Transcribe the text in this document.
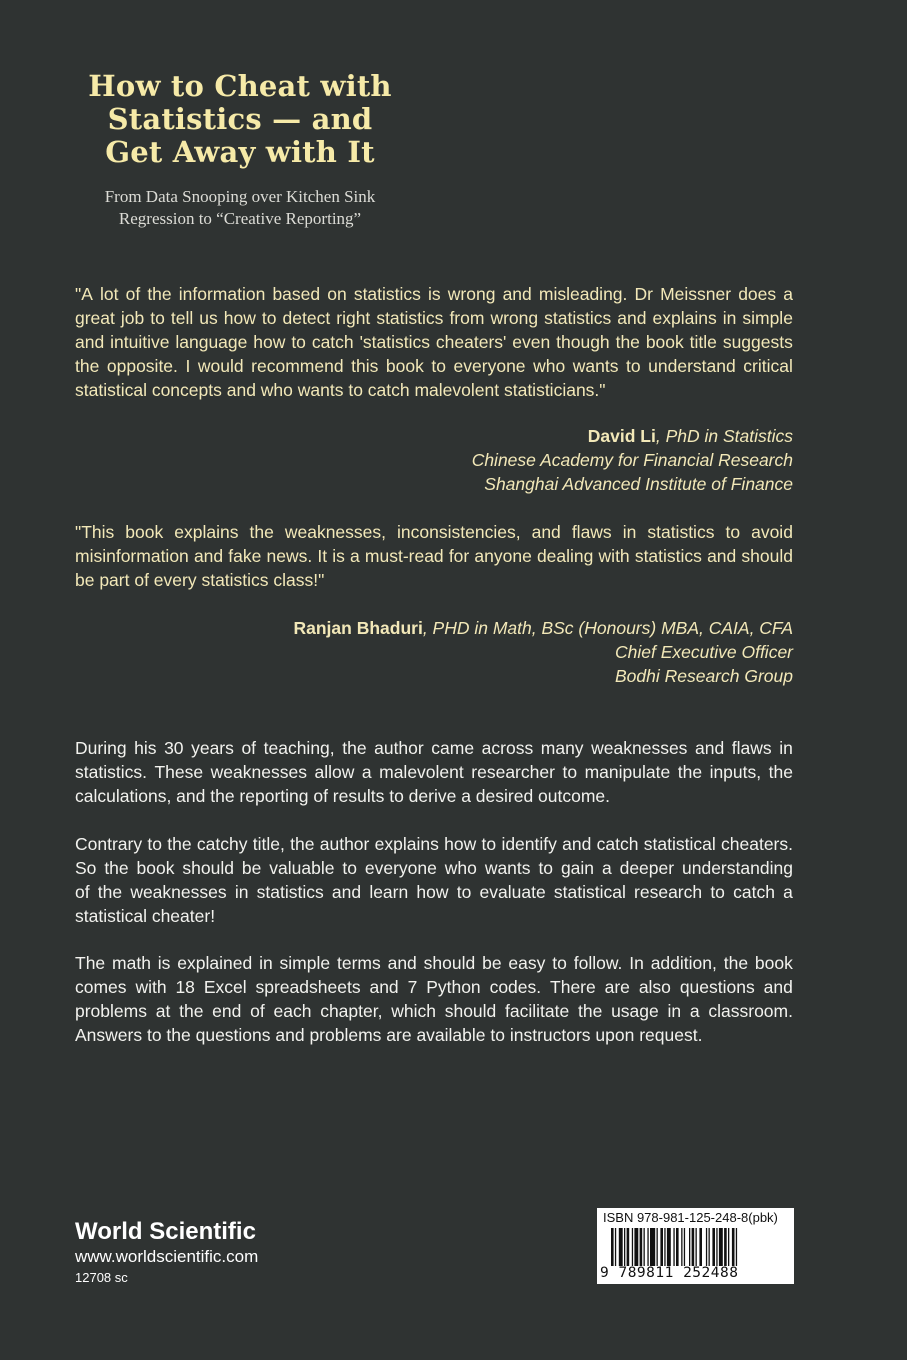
How to Cheat with
Statistics — and
Get Away with It
From Data Snooping over Kitchen Sink
Regression to “Creative Reporting”
"A lot of the information based on statistics is wrong and misleading. Dr Meissner does a
great job to tell us how to detect right statistics from wrong statistics and explains in simple
and intuitive language how to catch 'statistics cheaters' even though the book title suggests
the opposite. I would recommend this book to everyone who wants to understand critical
statistical concepts and who wants to catch malevolent statisticians."
David Li, PhD in Statistics
Chinese Academy for Financial Research
Shanghai Advanced Institute of Finance
"This book explains the weaknesses, inconsistencies, and flaws in statistics to avoid
misinformation and fake news. It is a must-read for anyone dealing with statistics and should
be part of every statistics class!"
Ranjan Bhaduri, PHD in Math, BSc (Honours) MBA, CAIA, CFA
Chief Executive Officer
Bodhi Research Group
During his 30 years of teaching, the author came across many weaknesses and flaws in
statistics. These weaknesses allow a malevolent researcher to manipulate the inputs, the
calculations, and the reporting of results to derive a desired outcome.
Contrary to the catchy title, the author explains how to identify and catch statistical cheaters.
So the book should be valuable to everyone who wants to gain a deeper understanding
of the weaknesses in statistics and learn how to evaluate statistical research to catch a
statistical cheater!
The math is explained in simple terms and should be easy to follow. In addition, the book
comes with 18 Excel spreadsheets and 7 Python codes. There are also questions and
problems at the end of each chapter, which should facilitate the usage in a classroom.
Answers to the questions and problems are available to instructors upon request.
World Scientific
www.worldscientific.com
12708 sc
ISBN 978-981-125-248-8(pbk)
9 789811 252488
